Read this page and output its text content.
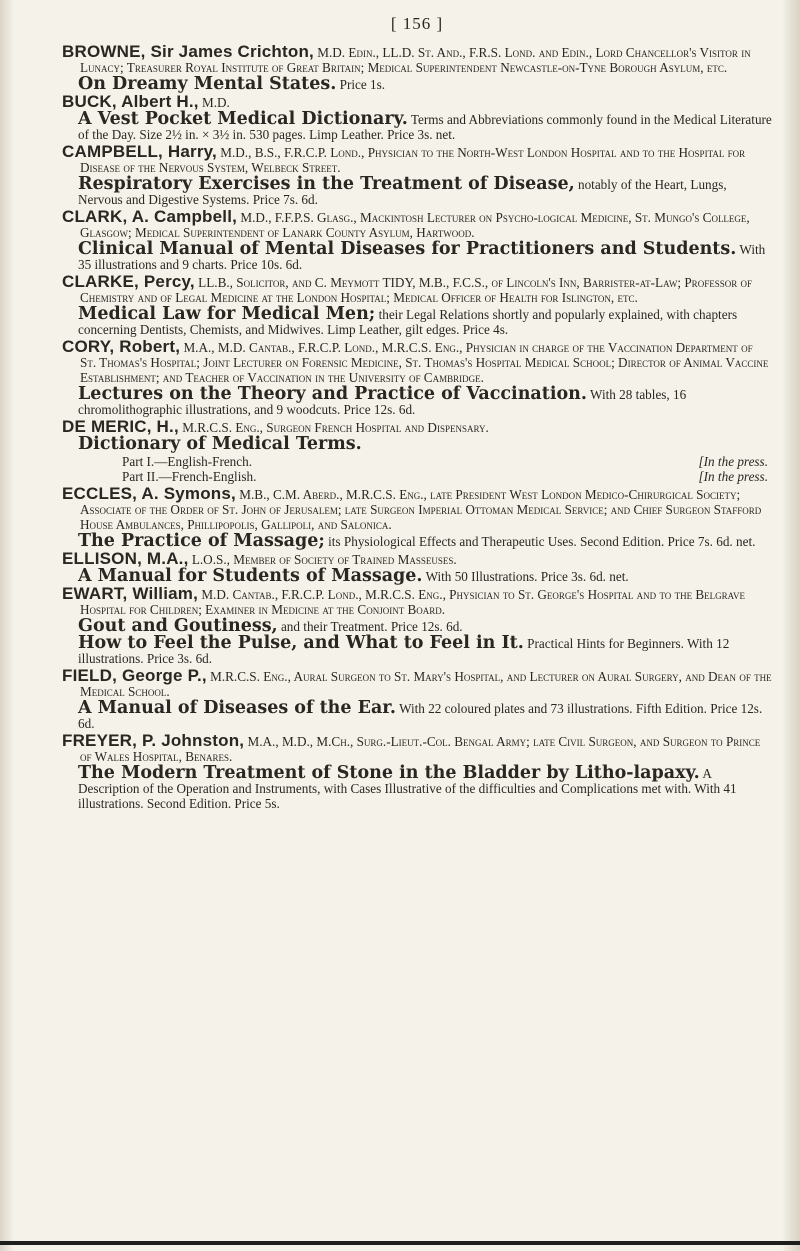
[ 156 ]

BROWNE, Sir James Crichton, M.D. Edin., LL.D. St. And., F.R.S. Lond. and Edin., Lord Chancellor's Visitor in Lunacy; Treasurer Royal Institute of Great Britain; Medical Superintendent Newcastle-on-Tyne Borough Asylum, etc.

On Dreamy Mental States. Price 1s.

BUCK, Albert H., M.D.

A Vest Pocket Medical Dictionary. Terms and Abbreviations commonly found in the Medical Literature of the Day. Size 2½ in. × 3½ in. 530 pages. Limp Leather. Price 3s. net.

CAMPBELL, Harry, M.D., B.S., F.R.C.P. Lond., Physician to the North-West London Hospital and to the Hospital for Disease of the Nervous System, Welbeck Street.

Respiratory Exercises in the Treatment of Disease, notably of the Heart, Lungs, Nervous and Digestive Systems. Price 7s. 6d.

CLARK, A. Campbell, M.D., F.F.P.S. Glasg., Mackintosh Lecturer on Psycho-logical Medicine, St. Mungo's College, Glasgow; Medical Superintendent of Lanark County Asylum, Hartwood.

Clinical Manual of Mental Diseases for Practitioners and Students. With 35 illustrations and 9 charts. Price 10s. 6d.

CLARKE, Percy, LL.B., Solicitor, and C. Meymott TIDY, M.B., F.C.S., of Lincoln's Inn, Barrister-at-Law; Professor of Chemistry and of Legal Medicine at the London Hospital; Medical Officer of Health for Islington, etc.

Medical Law for Medical Men; their Legal Relations shortly and popularly explained, with chapters concerning Dentists, Chemists, and Midwives. Limp Leather, gilt edges. Price 4s.

CORY, Robert, M.A., M.D. Cantab., F.R.C.P. Lond., M.R.C.S. Eng., Physician in charge of the Vaccination Department of St. Thomas's Hospital; Joint Lecturer on Forensic Medicine, St. Thomas's Hospital Medical School; Director of Animal Vaccine Establishment; and Teacher of Vaccination in the University of Cambridge.

Lectures on the Theory and Practice of Vaccination. With 28 tables, 16 chromolithographic illustrations, and 9 woodcuts. Price 12s. 6d.

DE MERIC, H., M.R.C.S. Eng., Surgeon French Hospital and Dispensary.

Dictionary of Medical Terms.

Part I.—English-French.	[In the press.
Part II.—French-English.	[In the press.

ECCLES, A. Symons, M.B., C.M. Aberd., M.R.C.S. Eng., late President West London Medico-Chirurgical Society; Associate of the Order of St. John of Jerusalem; late Surgeon Imperial Ottoman Medical Service; and Chief Surgeon Stafford House Ambulances, Phillipopolis, Gallipoli, and Salonica.

The Practice of Massage; its Physiological Effects and Therapeutic Uses. Second Edition. Price 7s. 6d. net.

ELLISON, M.A., L.O.S., Member of Society of Trained Masseuses.

A Manual for Students of Massage. With 50 Illustrations. Price 3s. 6d. net.

EWART, William, M.D. Cantab., F.R.C.P. Lond., M.R.C.S. Eng., Physician to St. George's Hospital and to the Belgrave Hospital for Children; Examiner in Medicine at the Conjoint Board.

Gout and Goutiness, and their Treatment. Price 12s. 6d.

How to Feel the Pulse, and What to Feel in It. Practical Hints for Beginners. With 12 illustrations. Price 3s. 6d.

FIELD, George P., M.R.C.S. Eng., Aural Surgeon to St. Mary's Hospital, and Lecturer on Aural Surgery, and Dean of the Medical School.

A Manual of Diseases of the Ear. With 22 coloured plates and 73 illustrations. Fifth Edition. Price 12s. 6d.

FREYER, P. Johnston, M.A., M.D., M.Ch., Surg.-Lieut.-Col. Bengal Army; late Civil Surgeon, and Surgeon to Prince of Wales Hospital, Benares.

The Modern Treatment of Stone in the Bladder by Litho-lapaxy. A Description of the Operation and Instruments, with Cases Illustrative of the difficulties and Complications met with. With 41 illustrations. Second Edition. Price 5s.
